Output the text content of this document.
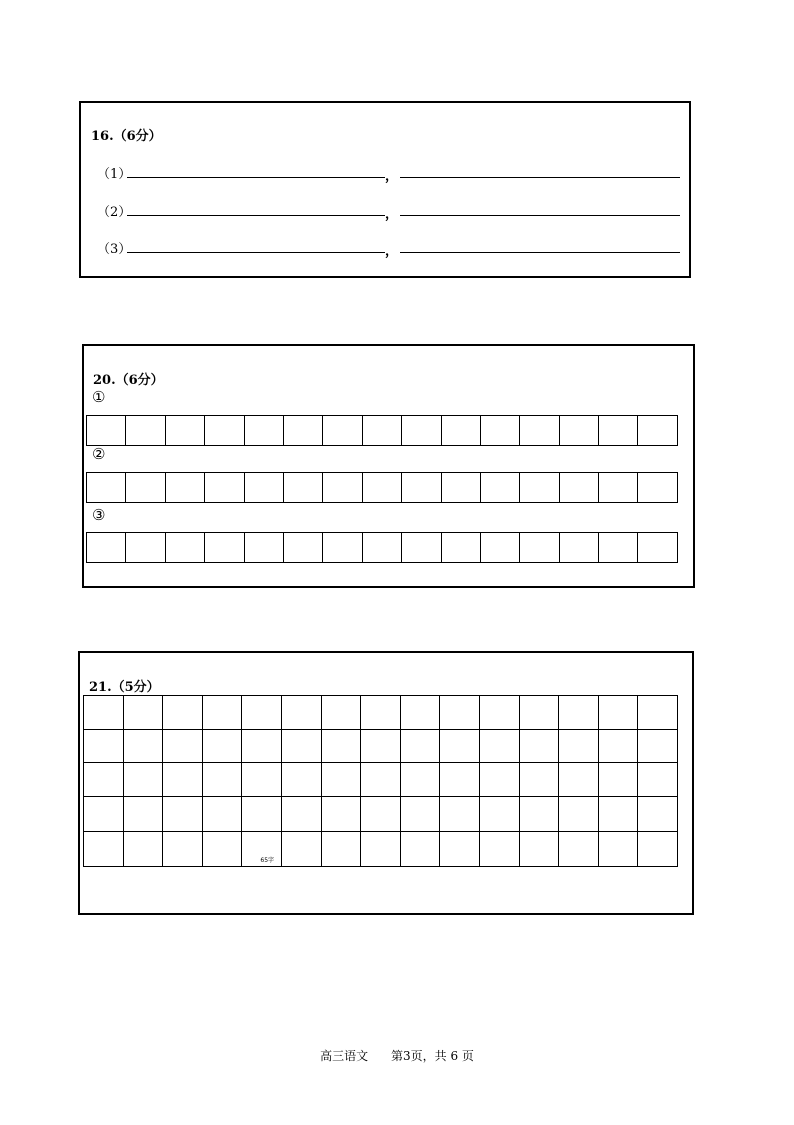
16.（6分）
（1）	，
（2）	，
（3）	，
20.（6分）
①

②

③

21.（5分）

				65字										

高三语文 第3页，共 6 页
